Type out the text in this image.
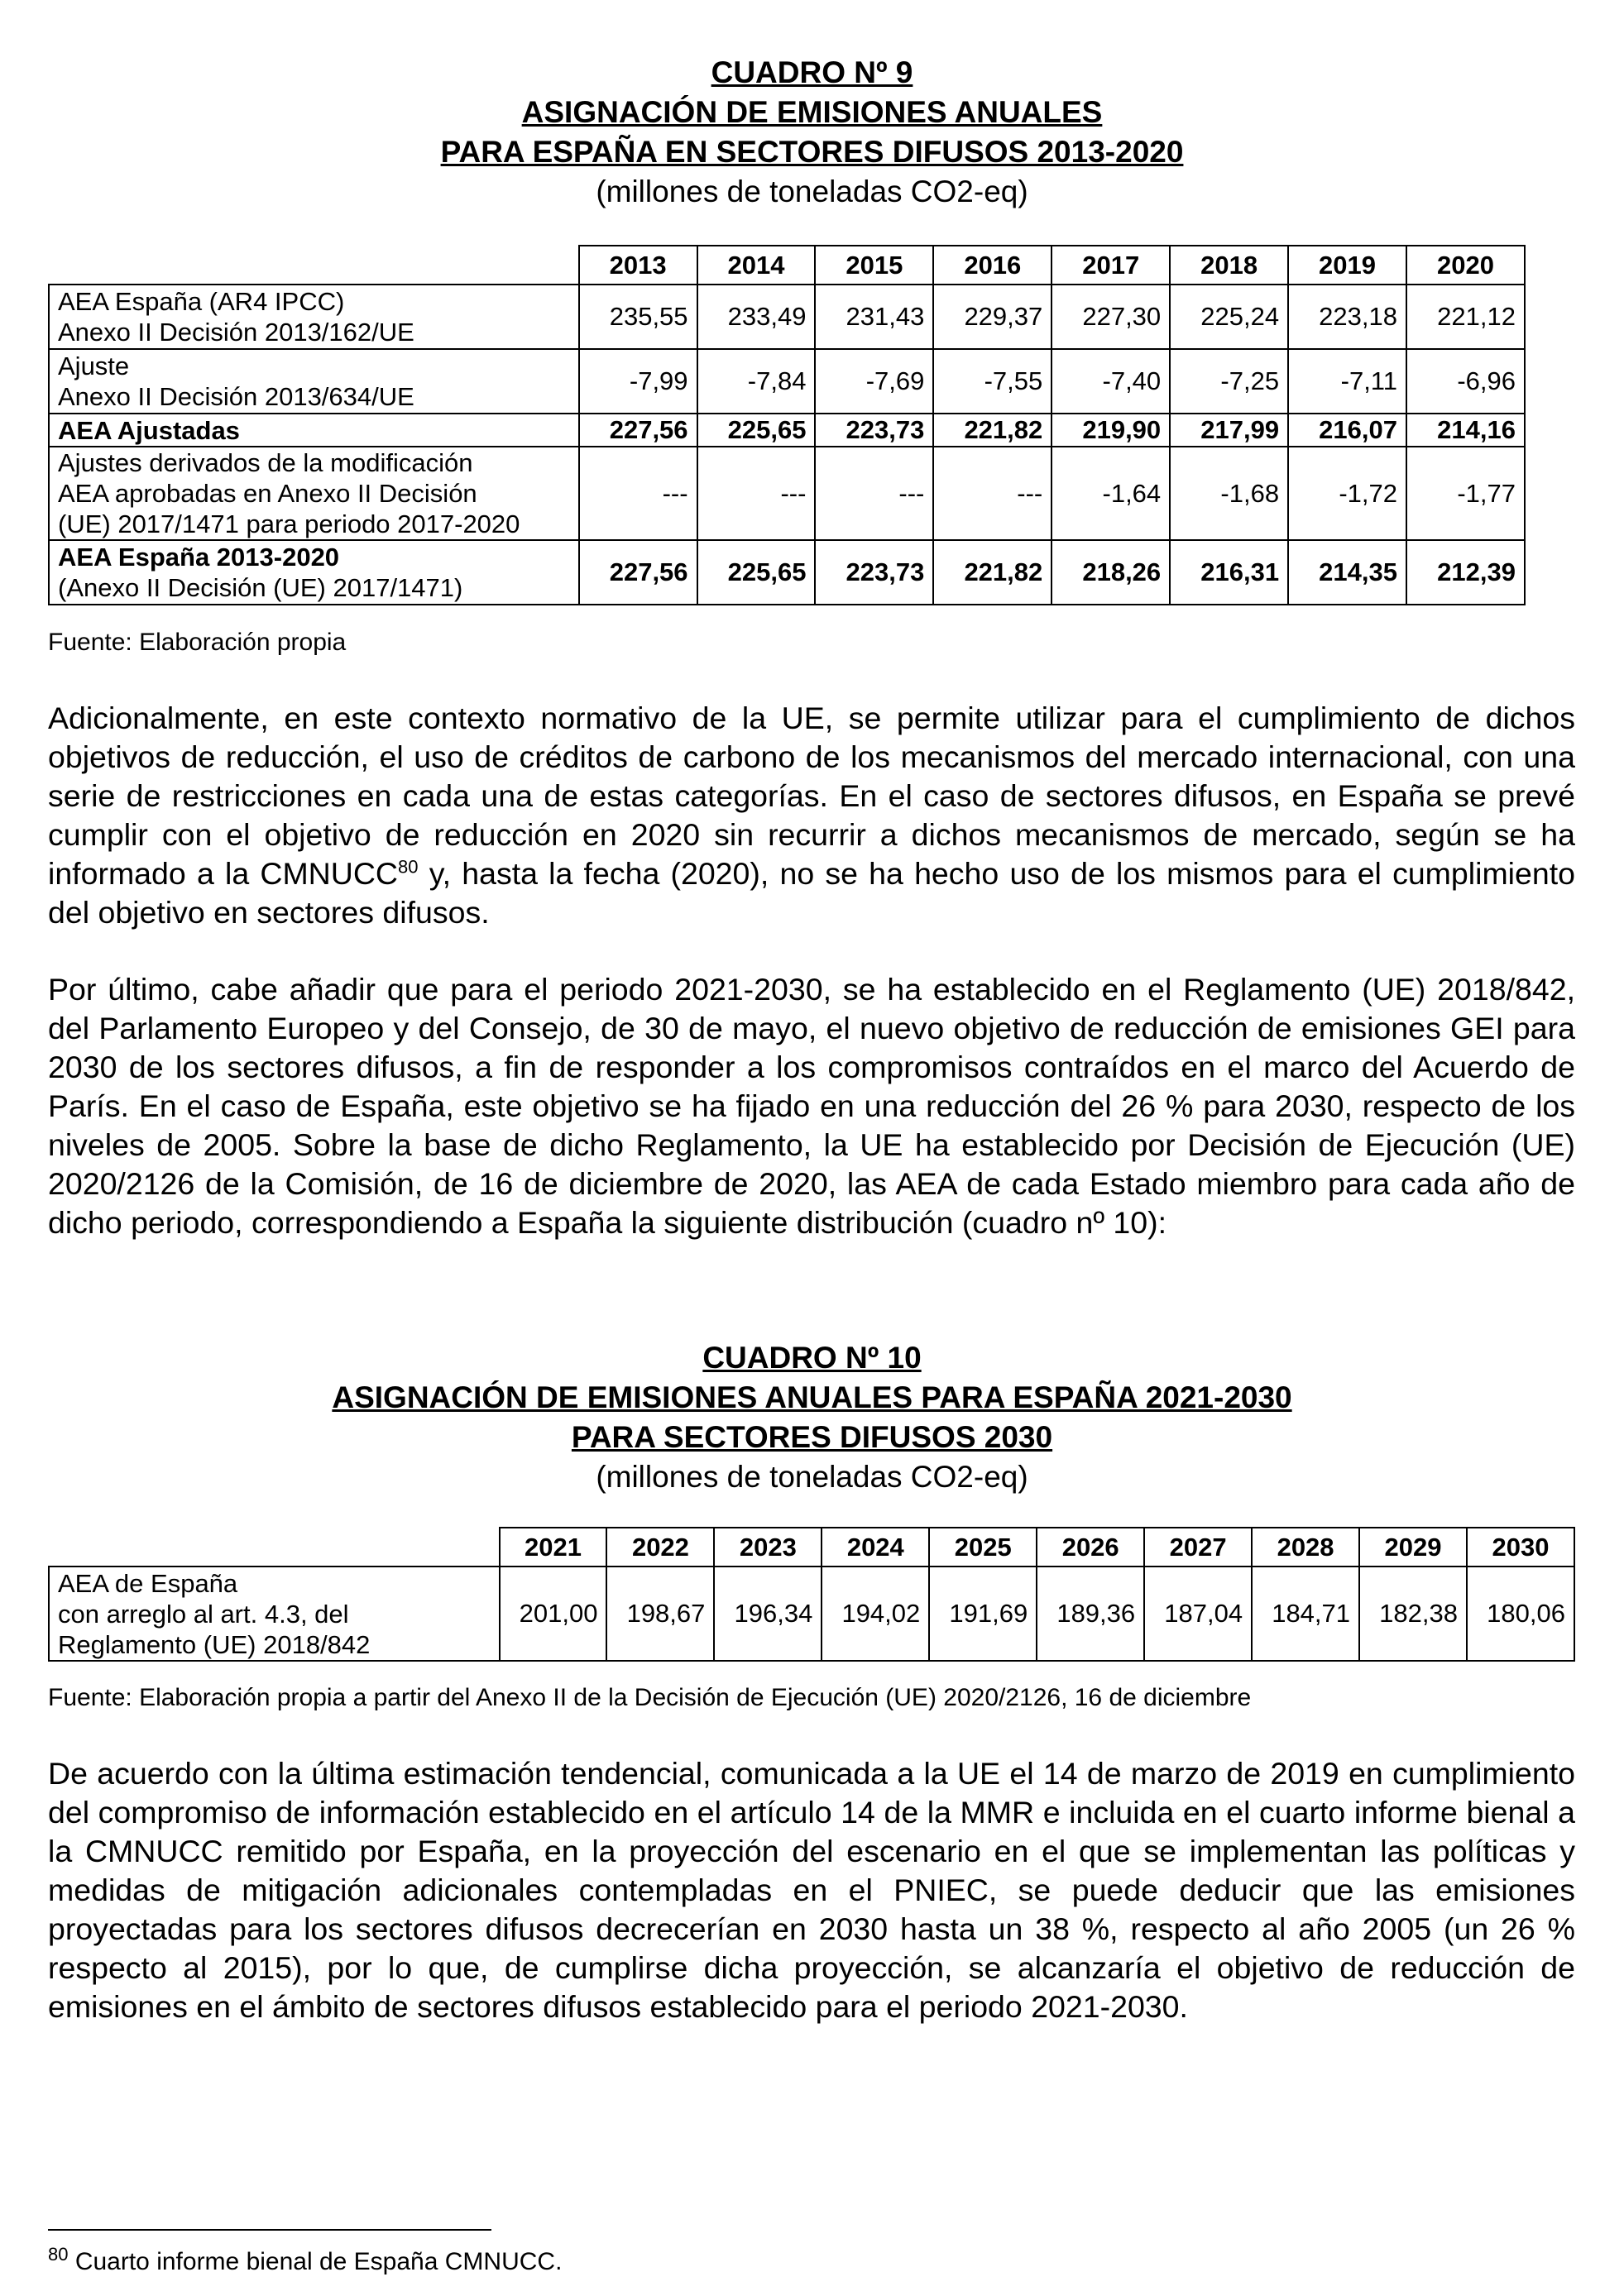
CUADRO Nº 9
ASIGNACIÓN DE EMISIONES ANUALES
PARA ESPAÑA EN SECTORES DIFUSOS 2013-2020
(millones de toneladas CO2-eq)
	2013	2014	2015	2016	2017	2018	2019	2020

AEA España (AR4 IPCC)
Anexo II Decisión 2013/162/UE	235,55	233,49	231,43	229,37	227,30	225,24	223,18	221,12

Ajuste
Anexo II Decisión 2013/634/UE	-7,99	-7,84	-7,69	-7,55	-7,40	-7,25	-7,11	-6,96

AEA Ajustadas	227,56	225,65	223,73	221,82	219,90	217,99	216,07	214,16

Ajustes derivados de la modificación
AEA aprobadas en Anexo II Decisión
(UE) 2017/1471 para periodo 2017-2020	---	---	---	---	-1,64	-1,68	-1,72	-1,77

AEA España 2013-2020
(Anexo II Decisión (UE) 2017/1471)	227,56	225,65	223,73	221,82	218,26	216,31	214,35	212,39
Fuente: Elaboración propia
Adicionalmente, en este contexto normativo de la UE, se permite utilizar para el cumplimiento de dichos objetivos de reducción, el uso de créditos de carbono de los mecanismos del mercado internacional, con una serie de restricciones en cada una de estas categorías. En el caso de sectores difusos, en España se prevé cumplir con el objetivo de reducción en 2020 sin recurrir a dichos mecanismos de mercado, según se ha informado a la CMNUCC$^{80}$ y, hasta la fecha (2020), no se ha hecho uso de los mismos para el cumplimiento del objetivo en sectores difusos.
Por último, cabe añadir que para el periodo 2021-2030, se ha establecido en el Reglamento (UE) 2018/842, del Parlamento Europeo y del Consejo, de 30 de mayo, el nuevo objetivo de reducción de emisiones GEI para 2030 de los sectores difusos, a fin de responder a los compromisos contraídos en el marco del Acuerdo de París. En el caso de España, este objetivo se ha fijado en una reducción del 26 % para 2030, respecto de los niveles de 2005. Sobre la base de dicho Reglamento, la UE ha establecido por Decisión de Ejecución (UE) 2020/2126 de la Comisión, de 16 de diciembre de 2020, las AEA de cada Estado miembro para cada año de dicho periodo, correspondiendo a España la siguiente distribución (cuadro nº 10):
CUADRO Nº 10
ASIGNACIÓN DE EMISIONES ANUALES PARA ESPAÑA 2021-2030
PARA SECTORES DIFUSOS 2030
(millones de toneladas CO2-eq)
	2021	2022	2023	2024	2025	2026	2027	2028	2029	2030

AEA de España
con arreglo al art. 4.3, del
Reglamento (UE) 2018/842	201,00	198,67	196,34	194,02	191,69	189,36	187,04	184,71	182,38	180,06
Fuente: Elaboración propia a partir del Anexo II de la Decisión de Ejecución (UE) 2020/2126, 16 de diciembre
De acuerdo con la última estimación tendencial, comunicada a la UE el 14 de marzo de 2019 en cumplimiento del compromiso de información establecido en el artículo 14 de la MMR e incluida en el cuarto informe bienal a la CMNUCC remitido por España, en la proyección del escenario en el que se implementan las políticas y medidas de mitigación adicionales contempladas en el PNIEC, se puede deducir que las emisiones proyectadas para los sectores difusos decrecerían en 2030 hasta un 38 %, respecto al año 2005 (un 26 % respecto al 2015), por lo que, de cumplirse dicha proyección, se alcanzaría el objetivo de reducción de emisiones en el ámbito de sectores difusos establecido para el periodo 2021-2030.
$^{80}$ Cuarto informe bienal de España CMNUCC.
